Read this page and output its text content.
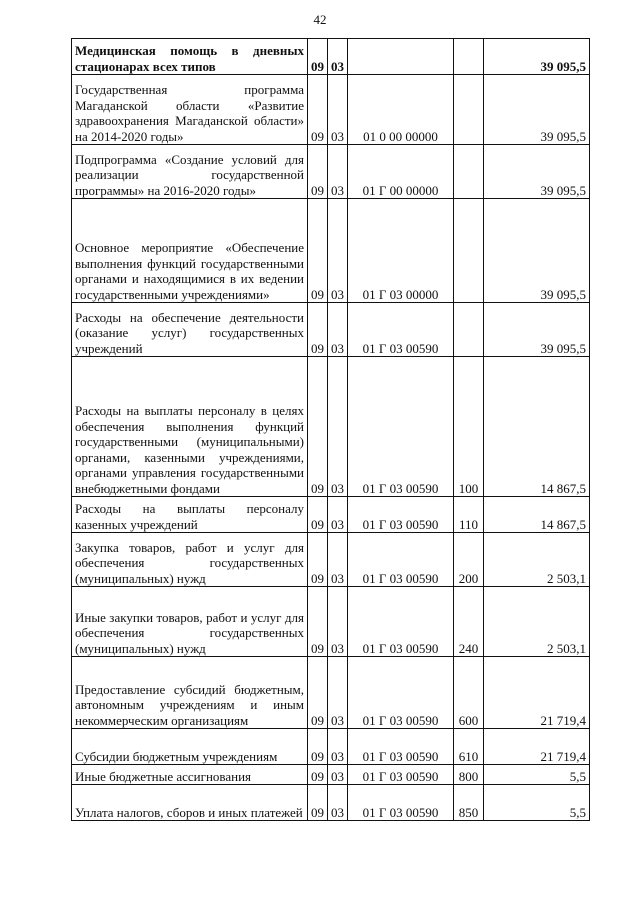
42
Медицинская помощь в дневных стационарах всех типов	09	03			39 095,5
Государственная программа Магаданской области «Развитие здравоохранения Магаданской области» на 2014-2020 годы»	09	03	01 0 00 00000		39 095,5
Подпрограмма «Создание условий для реализации государственной программы» на 2016-2020 годы»	09	03	01 Г 00 00000		39 095,5
Основное мероприятие «Обеспечение выполнения функций государственными органами и находящимися в их ведении государственными учреждениями»	09	03	01 Г 03 00000		39 095,5
Расходы на обеспечение деятельности (оказание услуг) государственных учреждений	09	03	01 Г 03 00590		39 095,5
Расходы на выплаты персоналу в целях обеспечения выполнения функций государственными (муниципальными) органами, казенными учреждениями, органами управления государственными внебюджетными фондами	09	03	01 Г 03 00590	100	14 867,5
Расходы на выплаты персоналу казенных учреждений	09	03	01 Г 03 00590	110	14 867,5
Закупка товаров, работ и услуг для обеспечения государственных (муниципальных) нужд	09	03	01 Г 03 00590	200	2 503,1
Иные закупки товаров, работ и услуг для обеспечения государственных (муниципальных) нужд	09	03	01 Г 03 00590	240	2 503,1
Предоставление субсидий бюджетным, автономным учреждениям и иным некоммерческим организациям	09	03	01 Г 03 00590	600	21 719,4
Субсидии бюджетным учреждениям	09	03	01 Г 03 00590	610	21 719,4
Иные бюджетные ассигнования	09	03	01 Г 03 00590	800	5,5
Уплата налогов, сборов и иных платежей	09	03	01 Г 03 00590	850	5,5
